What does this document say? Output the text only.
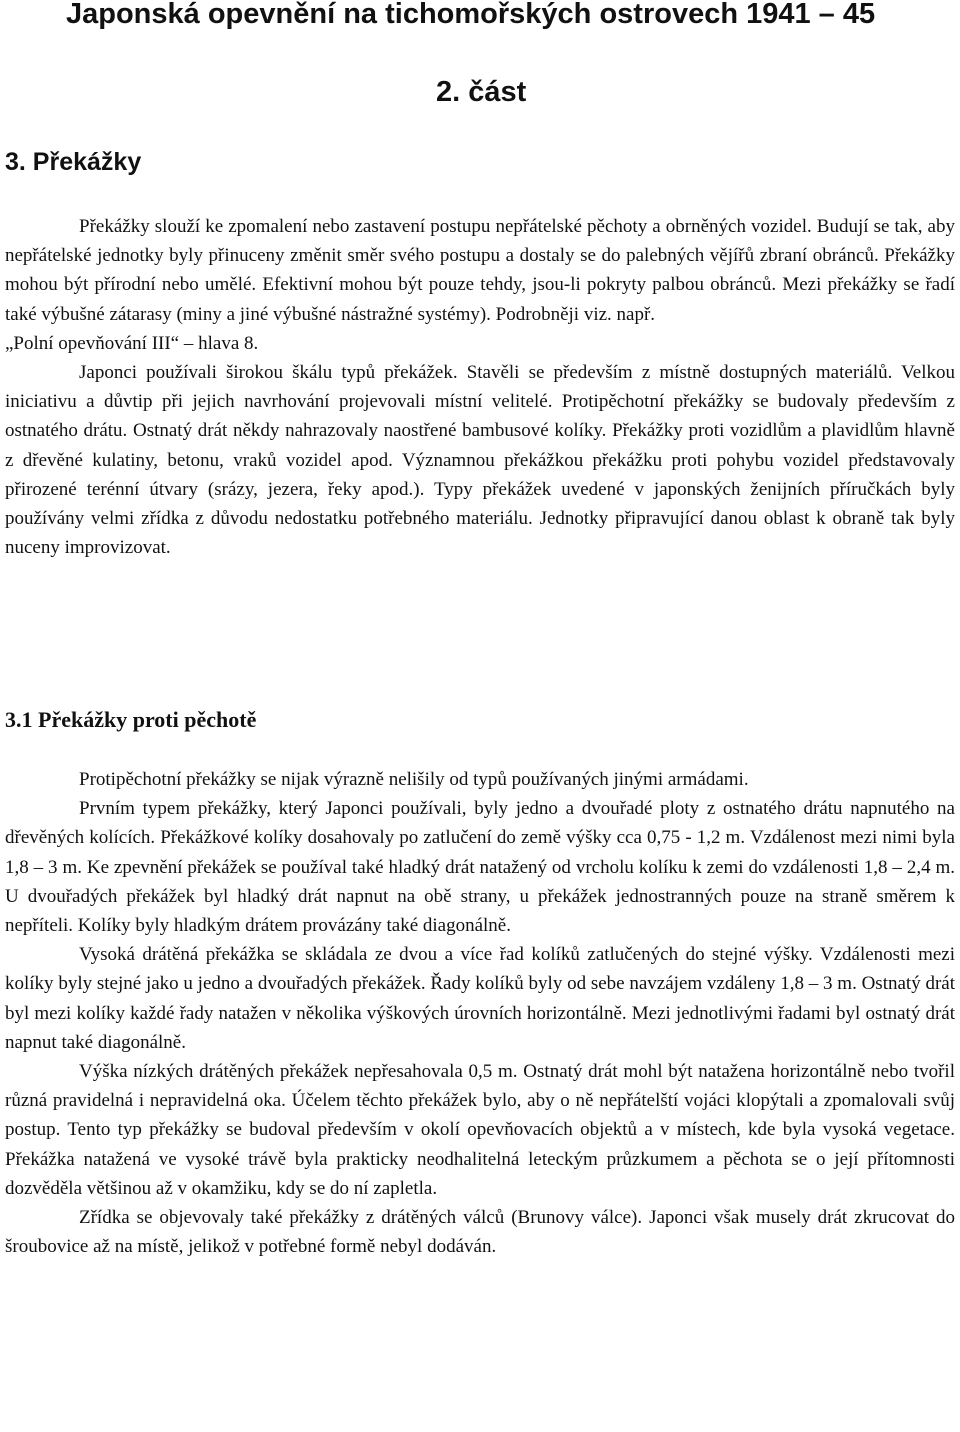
Japonská opevnění na tichomořských ostrovech 1941 – 45
2. část
3. Překážky

Překážky slouží ke zpomalení nebo zastavení postupu nepřátelské pěchoty a obrněných vozidel. Budují se tak, aby nepřátelské jednotky byly přinuceny změnit směr svého postupu a dostaly se do palebných vějířů zbraní obránců. Překážky mohou být přírodní nebo umělé. Efektivní mohou být pouze tehdy, jsou-li pokryty palbou obránců. Mezi překážky se řadí také výbušné zátarasy (miny a jiné výbušné nástražné systémy). Podrobněji viz. např.

„Polní opevňování III“ – hlava 8.

Japonci používali širokou škálu typů překážek. Stavěli se především z místně dostupných materiálů. Velkou iniciativu a důvtip při jejich navrhování projevovali místní velitelé. Protipěchotní překážky se budovaly především z ostnatého drátu. Ostnatý drát někdy nahrazovaly naostřené bambusové kolíky. Překážky proti vozidlům a plavidlům hlavně z dřevěné kulatiny, betonu, vraků vozidel apod. Významnou překážkou překážku proti pohybu vozidel představovaly přirozené terénní útvary (srázy, jezera, řeky apod.). Typy překážek uvedené v japonských ženijních příručkách byly používány velmi zřídka z důvodu nedostatku potřebného materiálu. Jednotky připravující danou oblast k obraně tak byly nuceny improvizovat.

3.1 Překážky proti pěchotě

Protipěchotní překážky se nijak výrazně nelišily od typů používaných jinými armádami.

Prvním typem překážky, který Japonci používali, byly jedno a dvouřadé ploty z ostnatého drátu napnutého na dřevěných kolících. Překážkové kolíky dosahovaly po zatlučení do země výšky cca 0,75 - 1,2 m. Vzdálenost mezi nimi byla 1,8 – 3 m. Ke zpevnění překážek se používal také hladký drát natažený od vrcholu kolíku k zemi do vzdálenosti 1,8 – 2,4 m. U dvouřadých překážek byl hladký drát napnut na obě strany, u překážek jednostranných pouze na straně směrem k nepříteli. Kolíky byly hladkým drátem provázány také diagonálně.

Vysoká drátěná překážka se skládala ze dvou a více řad kolíků zatlučených do stejné výšky. Vzdálenosti mezi kolíky byly stejné jako u jedno a dvouřadých překážek. Řady kolíků byly od sebe navzájem vzdáleny 1,8 – 3 m. Ostnatý drát byl mezi kolíky každé řady natažen v několika výškových úrovních horizontálně. Mezi jednotlivými řadami byl ostnatý drát napnut také diagonálně.

Výška nízkých drátěných překážek nepřesahovala 0,5 m. Ostnatý drát mohl být natažena horizontálně nebo tvořil různá pravidelná i nepravidelná oka. Účelem těchto překážek bylo, aby o ně nepřátelští vojáci klopýtali a zpomalovali svůj postup. Tento typ překážky se budoval především v okolí opevňovacích objektů a v místech, kde byla vysoká vegetace. Překážka natažená ve vysoké trávě byla prakticky neodhalitelná leteckým průzkumem a pěchota se o její přítomnosti dozvěděla většinou až v okamžiku, kdy se do ní zapletla.

Zřídka se objevovaly také překážky z drátěných válců (Brunovy válce). Japonci však musely drát zkrucovat do šroubovice až na místě, jelikož v potřebné formě nebyl dodáván.
